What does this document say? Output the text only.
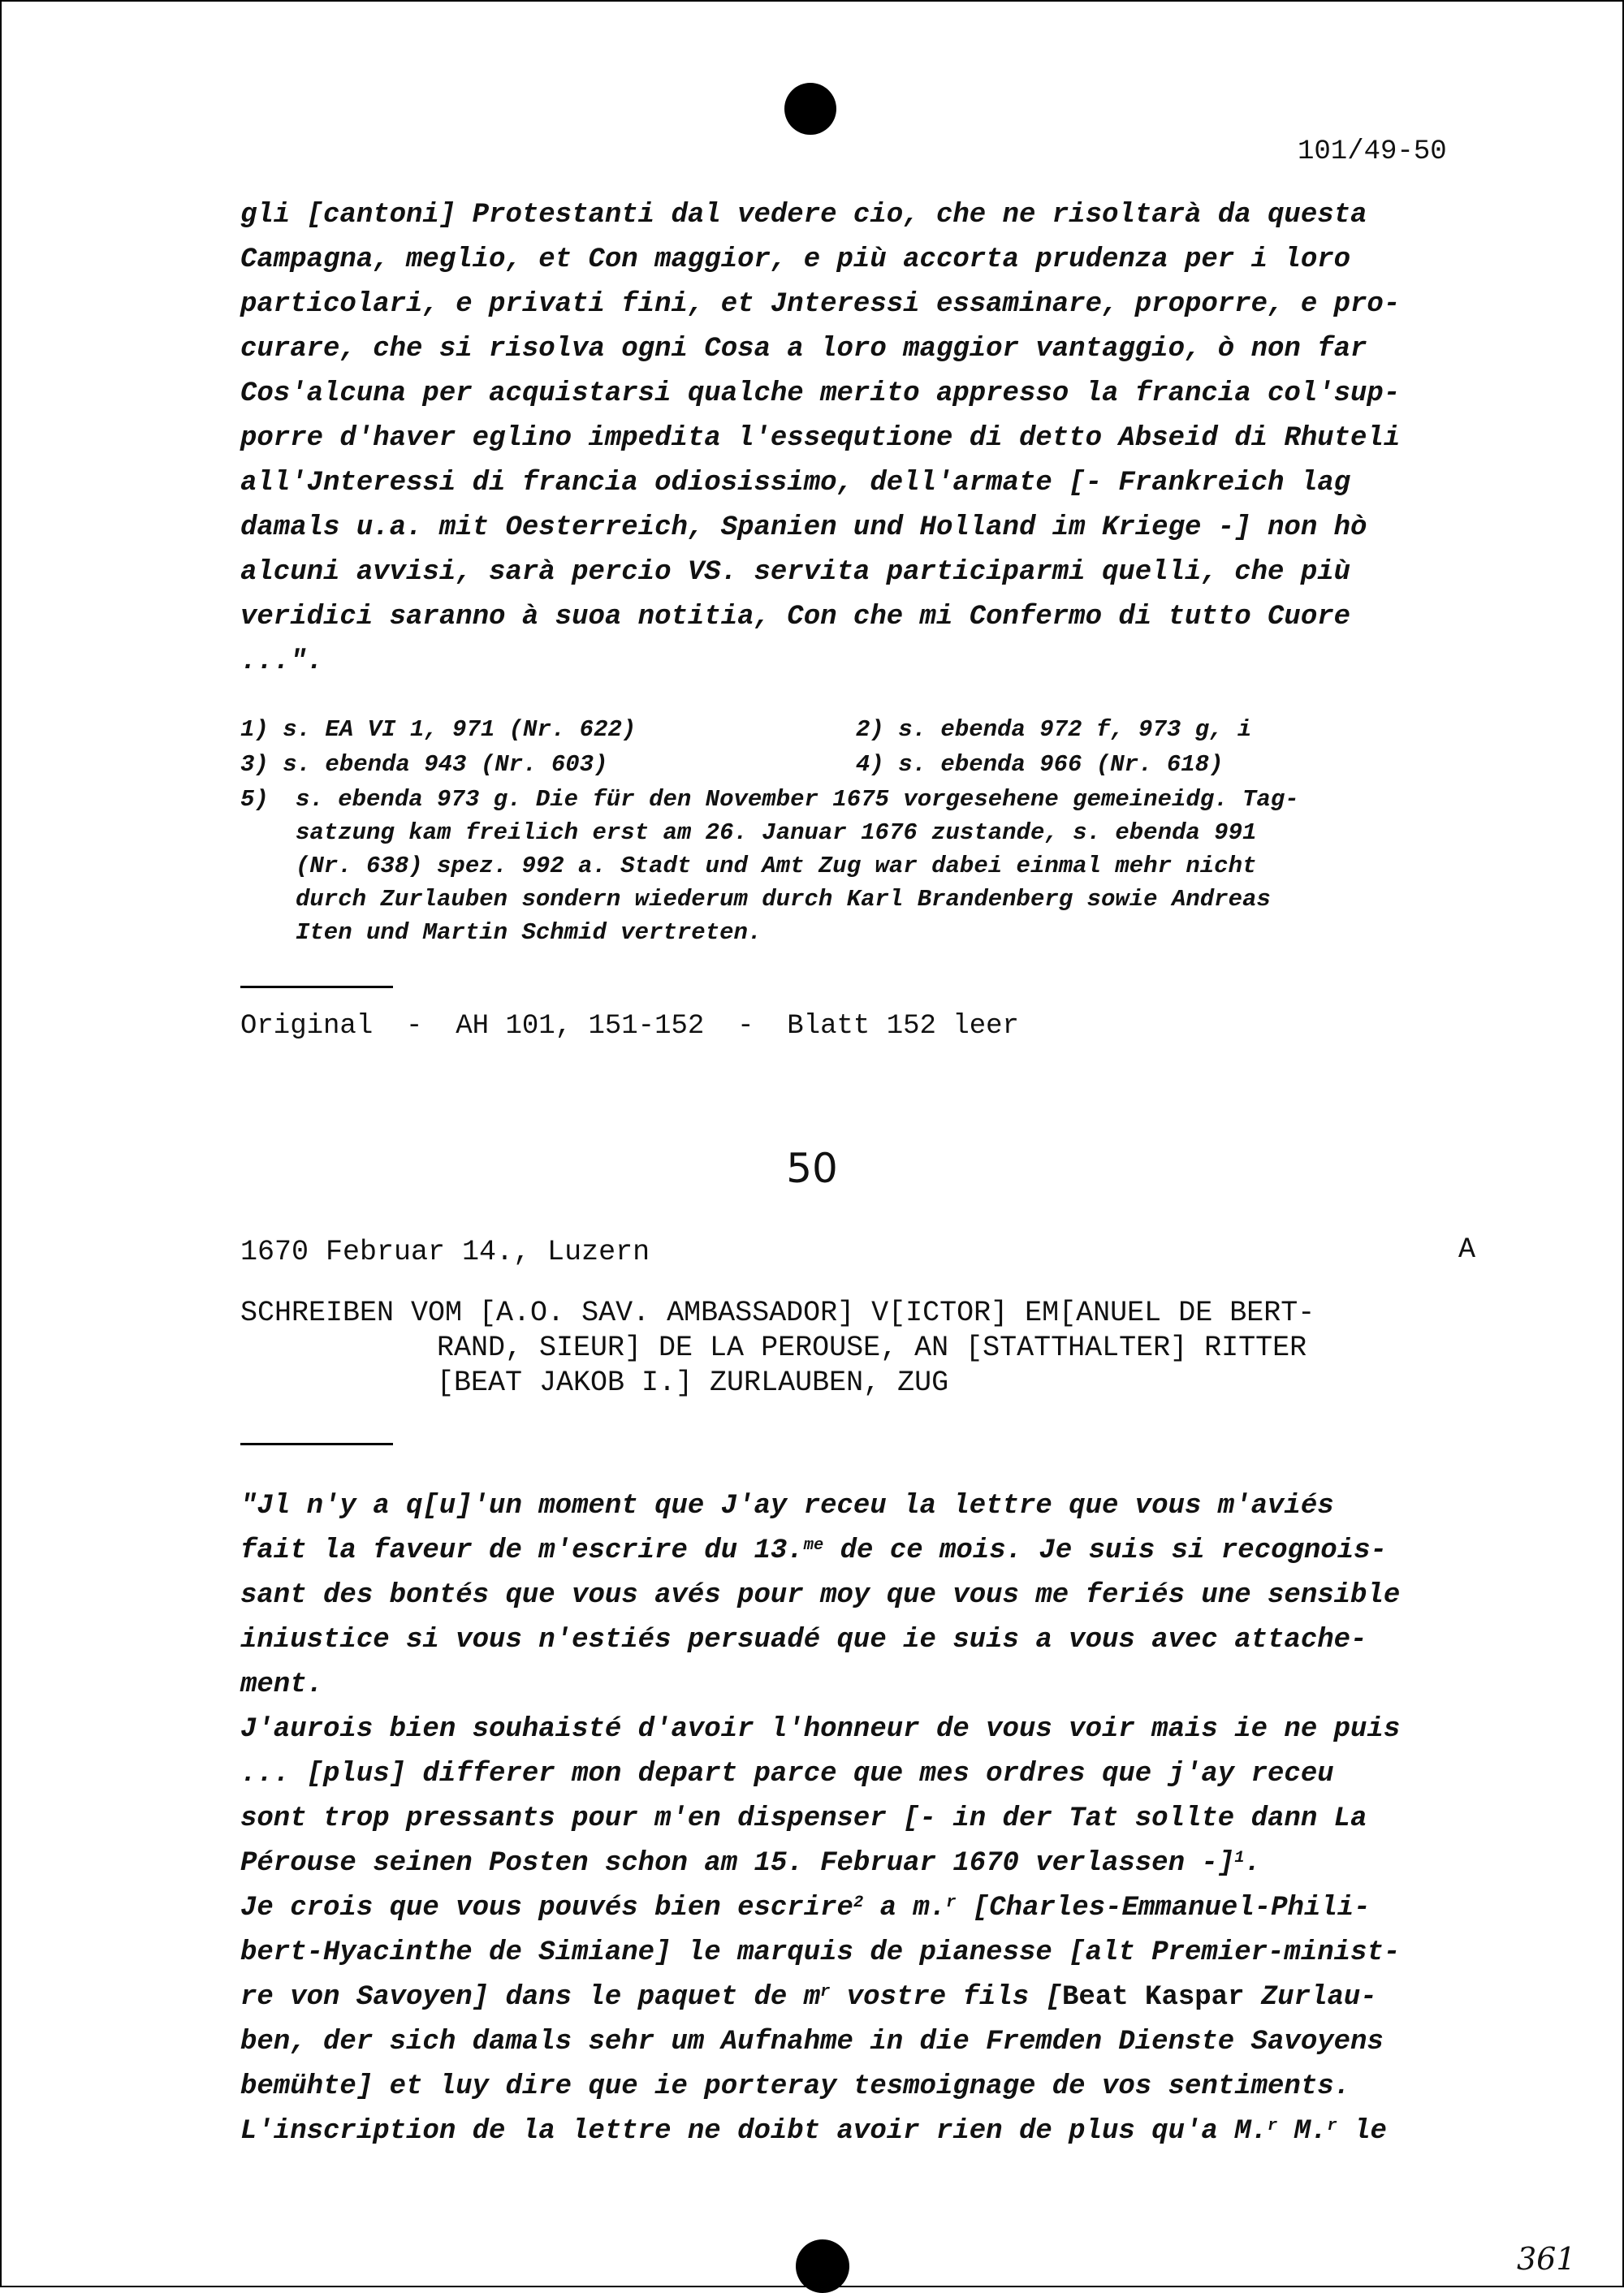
101/49-50
gli [cantoni] Protestanti dal vedere cio, che ne risoltarà da questa
Campagna, meglio, et Con maggior, e più accorta prudenza per i loro
particolari, e privati fini, et Jnteressi essaminare, proporre, e pro-
curare, che si risolva ogni Cosa a loro maggior vantaggio, ò non far
Cos'alcuna per acquistarsi qualche merito appresso la francia col'sup-
porre d'haver eglino impedita l'essequtione di detto Abseid di Rhuteli
all'Jnteressi di francia odiosissimo, dell'armate [- Frankreich lag
damals u.a. mit Oesterreich, Spanien und Holland im Kriege -] non hò
alcuni avvisi, sarà percio VS. servita participarmi quelli, che più
veridici saranno à suoa notitia, Con che mi Confermo di tutto Cuore
...".
1) s. EA VI 1, 971 (Nr. 622)	2) s. ebenda 972 f, 973 g, i
3) s. ebenda 943 (Nr. 603)	4) s. ebenda 966 (Nr. 618)
5) s. ebenda 973 g. Die für den November 1675 vorgesehene gemeineidg. Tag-
satzung kam freilich erst am 26. Januar 1676 zustande, s. ebenda 991
(Nr. 638) spez. 992 a. Stadt und Amt Zug war dabei einmal mehr nicht
durch Zurlauben sondern wiederum durch Karl Brandenberg sowie Andreas
Iten und Martin Schmid vertreten.
Original  -  AH 101, 151-152  -  Blatt 152 leer
50
1670 Februar 14., Luzern	A
SCHREIBEN VOM [A.O. SAV. AMBASSADOR] V[ICTOR] EM[ANUEL DE BERT-
RAND, SIEUR] DE LA PEROUSE, AN [STATTHALTER] RITTER
[BEAT JAKOB I.] ZURLAUBEN, ZUG
"Jl n'y a q[u]'un moment que J'ay receu la lettre que vous m'aviés
fait la faveur de m'escrire du 13.$^{me}$ de ce mois. Je suis si recognois-
sant des bontés que vous avés pour moy que vous me feriés une sensible
iniustice si vous n'estiés persuadé que ie suis a vous avec attache-
ment.
J'aurois bien souhaisté d'avoir l'honneur de vous voir mais ie ne puis
... [plus] differer mon depart parce que mes ordres que j'ay receu
sont trop pressants pour m'en dispenser [- in der Tat sollte dann La
Pérouse seinen Posten schon am 15. Februar 1670 verlassen -]$^1$.
Je crois que vous pouvés bien escrire$^2$ a m.$^r$ [Charles-Emmanuel-Phili-
bert-Hyacinthe de Simiane] le marquis de pianesse [alt Premier-minist-
re von Savoyen] dans le paquet de $m^r$ vostre fils [Beat Kaspar Zurlau-
ben, der sich damals sehr um Aufnahme in die Fremden Dienste Savoyens
bemühte] et luy dire que ie porteray tesmoignage de vos sentiments.
L'inscription de la lettre ne doibt avoir rien de plus qu'a M.$^r$ M.$^r$ le
361
